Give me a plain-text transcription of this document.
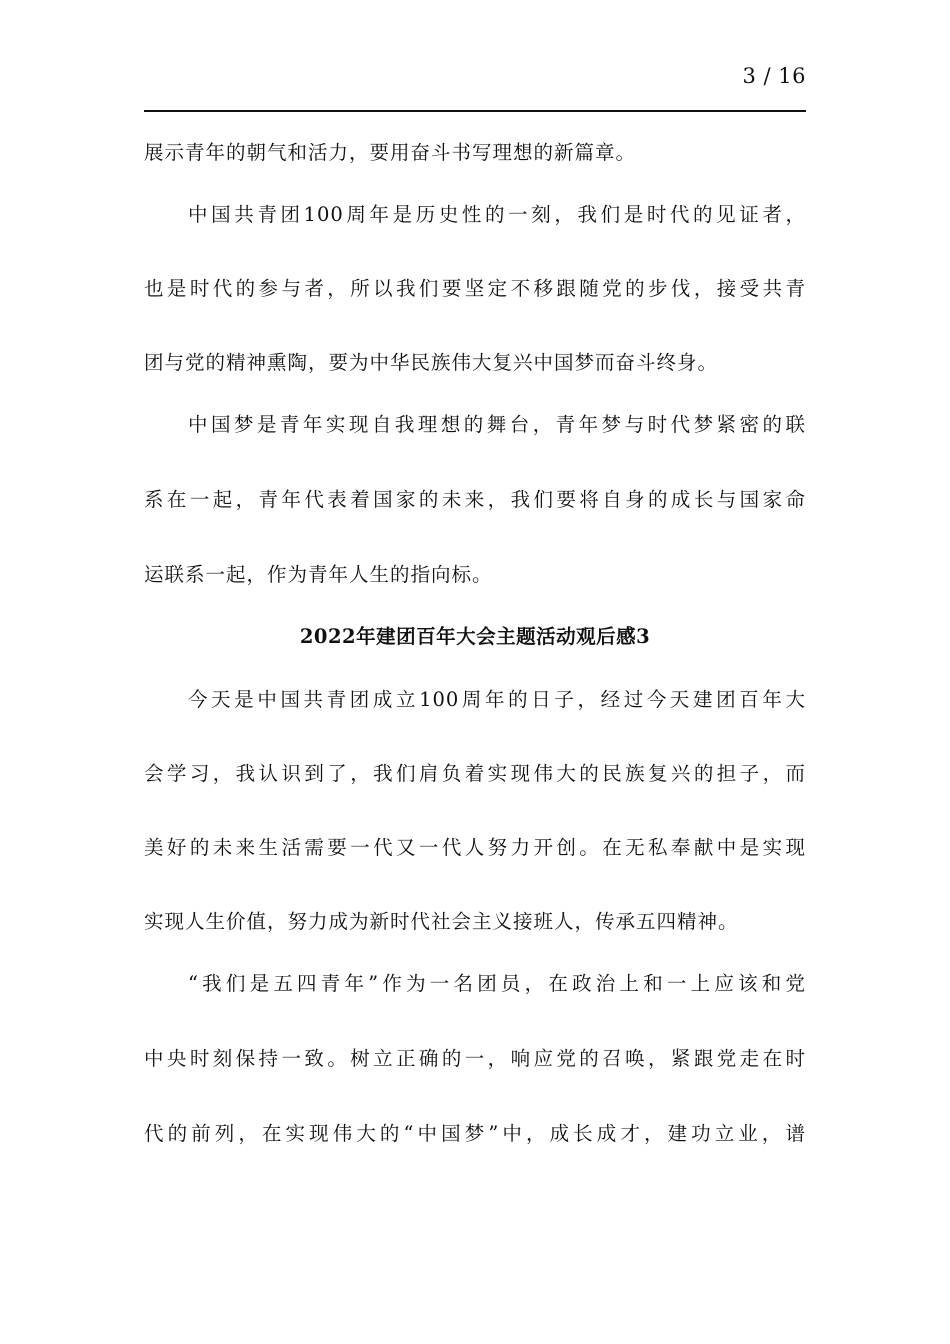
3 / 16
展示青年的朝气和活力，要用奋斗书写理想的新篇章。
中国共青团100周年是历史性的一刻，我们是时代的见证者，
也是时代的参与者，所以我们要坚定不移跟随党的步伐，接受共青
团与党的精神熏陶，要为中华民族伟大复兴中国梦而奋斗终身。
中国梦是青年实现自我理想的舞台，青年梦与时代梦紧密的联
系在一起，青年代表着国家的未来，我们要将自身的成长与国家命
运联系一起，作为青年人生的指向标。
2022年建团百年大会主题活动观后感3
今天是中国共青团成立100周年的日子，经过今天建团百年大
会学习，我认识到了，我们肩负着实现伟大的民族复兴的担子，而
美好的未来生活需要一代又一代人努力开创。在无私奉献中是实现
实现人生价值，努力成为新时代社会主义接班人，传承五四精神。
“我们是五四青年”作为一名团员，在政治上和一上应该和党
中央时刻保持一致。树立正确的一，响应党的召唤，紧跟党走在时
代的前列，在实现伟大的“中国梦”中，成长成才，建功立业，谱
